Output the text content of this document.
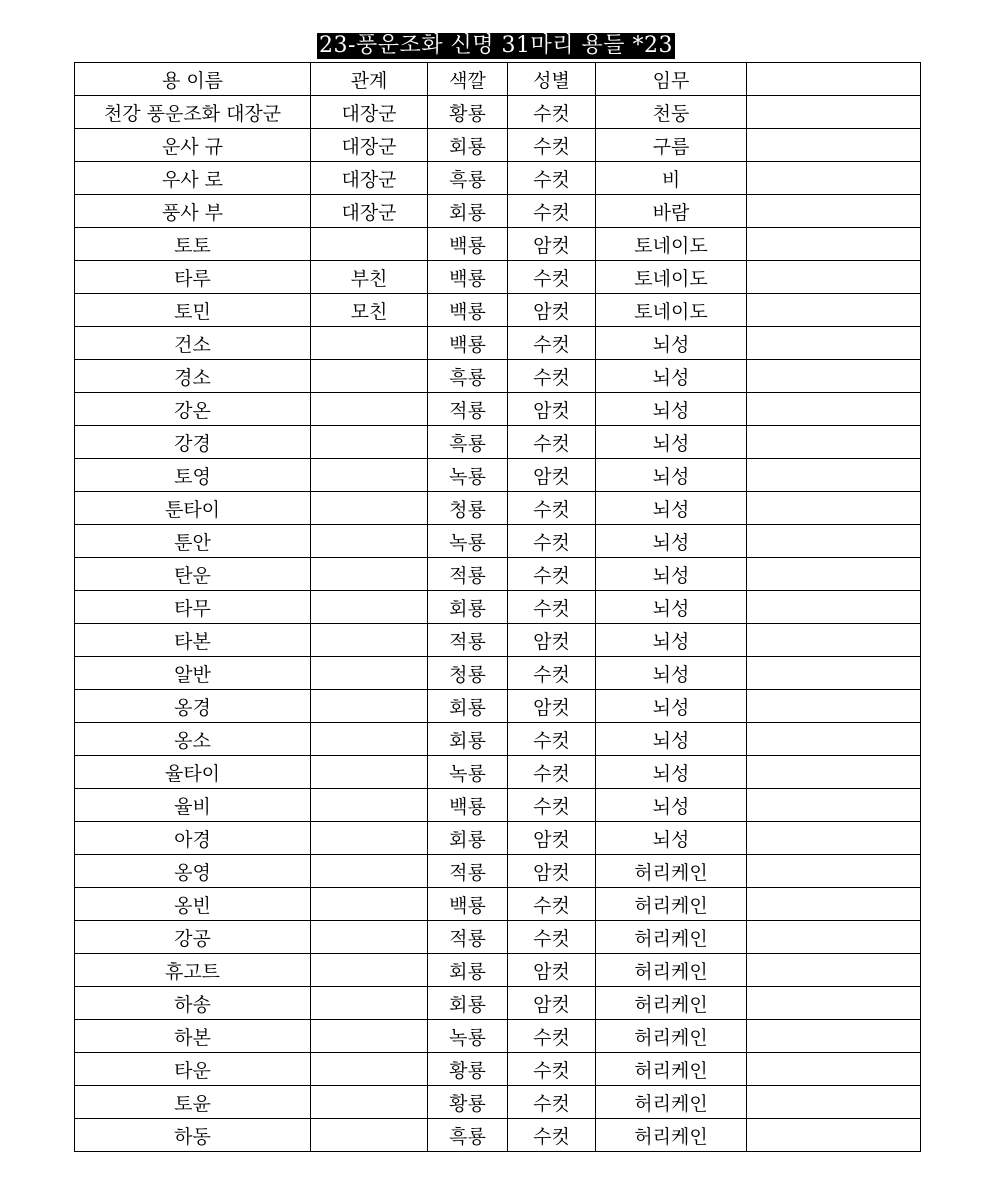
23-풍운조화 신명 31마리 용들 *23
용 이름	관계	색깔	성별	임무	
천강 풍운조화 대장군	대장군	황룡	수컷	천둥	
운사 규	대장군	회룡	수컷	구름	
우사 로	대장군	흑룡	수컷	비	
풍사 부	대장군	회룡	수컷	바람	
토토		백룡	암컷	토네이도	
타루	부친	백룡	수컷	토네이도	
토민	모친	백룡	암컷	토네이도	
건소		백룡	수컷	뇌성	
경소		흑룡	수컷	뇌성	
강온		적룡	암컷	뇌성	
강경		흑룡	수컷	뇌성	
토영		녹룡	암컷	뇌성	
툰타이		청룡	수컷	뇌성	
툰안		녹룡	수컷	뇌성	
탄운		적룡	수컷	뇌성	
타무		회룡	수컷	뇌성	
타본		적룡	암컷	뇌성	
알반		청룡	수컷	뇌성	
옹경		회룡	암컷	뇌성	
옹소		회룡	수컷	뇌성	
율타이		녹룡	수컷	뇌성	
율비		백룡	수컷	뇌성	
아경		회룡	암컷	뇌성	
옹영		적룡	암컷	허리케인	
옹빈		백룡	수컷	허리케인	
강공		적룡	수컷	허리케인	
휴고트		회룡	암컷	허리케인	
하송		회룡	암컷	허리케인	
하본		녹룡	수컷	허리케인	
타운		황룡	수컷	허리케인	
토윤		황룡	수컷	허리케인	
하동		흑룡	수컷	허리케인	
